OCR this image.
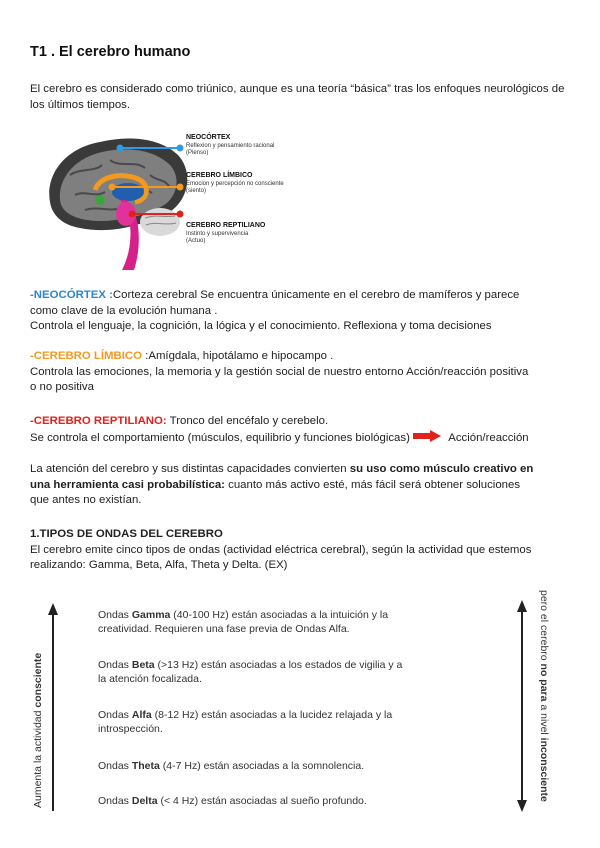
T1 . El cerebro humano

El cerebro es considerado como triúnico, aunque es una teoría “básica” tras los enfoques neurológicos de los últimos tiempos.

NEOCÓRTEX
Reflexion y pensamiento racional
(Pienso)
CEREBRO LÍMBICO
Emocion y percepción no consciente
(siento)
CEREBRO REPTILIANO
Instinto y supervivencia
(Actuo)
-NEOCÓRTEX :Corteza cerebral Se encuentra únicamente en el cerebro de mamíferos y parece
como clave de la evolución humana .
Controla el lenguaje, la cognición, la lógica y el conocimiento. Reflexiona y toma decisiones
-CEREBRO LÍMBICO :Amígdala, hipotálamo e hipocampo .
Controla las emociones, la memoria y la gestión social de nuestro entorno Acción/reacción positiva
o no positiva
-CEREBRO REPTILIANO: Tronco del encéfalo y cerebelo.
Se controla el comportamiento (músculos, equilibrio y funciones biológicas)	Acción/reacción
La atención del cerebro y sus distintas capacidades convierten su uso como músculo creativo en
una herramienta casi probabilística: cuanto más activo esté, más fácil será obtener soluciones
que antes no existían.
1.TIPOS DE ONDAS DEL CEREBRO
El cerebro emite cinco tipos de ondas (actividad eléctrica cerebral), según la actividad que estemos
realizando: Gamma, Beta, Alfa, Theta y Delta. (EX)
Aumenta la actividad consciente
Ondas Gamma (40-100 Hz) están asociadas a la intuición y la
creatividad. Requieren una fase previa de Ondas Alfa.
Ondas Beta (>13 Hz) están asociadas a los estados de vigilia y a
la atención focalizada.
Ondas Alfa (8-12 Hz) están asociadas a la lucidez relajada y la
introspección.
Ondas Theta (4-7 Hz) están asociadas a la somnolencia.
Ondas Delta (< 4 Hz) están asociadas al sueño profundo.
pero el cerebro no para a nivel inconsciente
